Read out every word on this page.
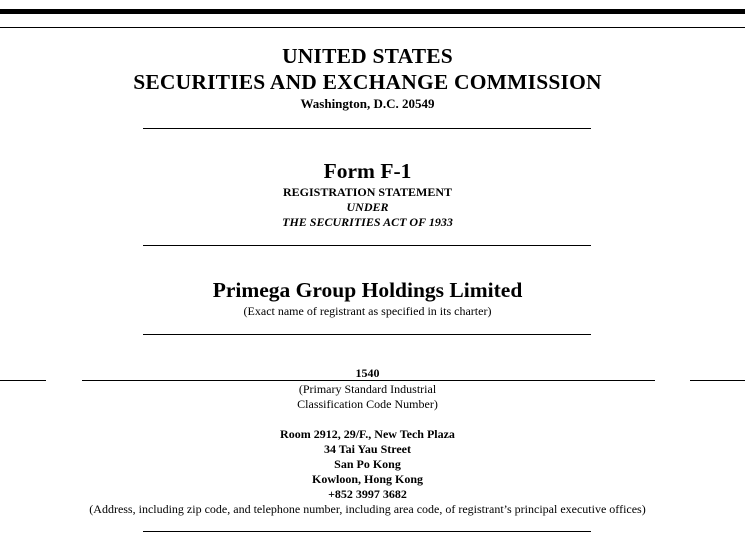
UNITED STATES
SECURITIES AND EXCHANGE COMMISSION
Washington, D.C. 20549
Form F-1
REGISTRATION STATEMENT
UNDER
THE SECURITIES ACT OF 1933
Primega Group Holdings Limited
(Exact name of registrant as specified in its charter)
1540
(Primary Standard Industrial
Classification Code Number)
Room 2912, 29/F., New Tech Plaza
34 Tai Yau Street
San Po Kong
Kowloon, Hong Kong
+852 3997 3682
(Address, including zip code, and telephone number, including area code, of registrant’s principal executive offices)
